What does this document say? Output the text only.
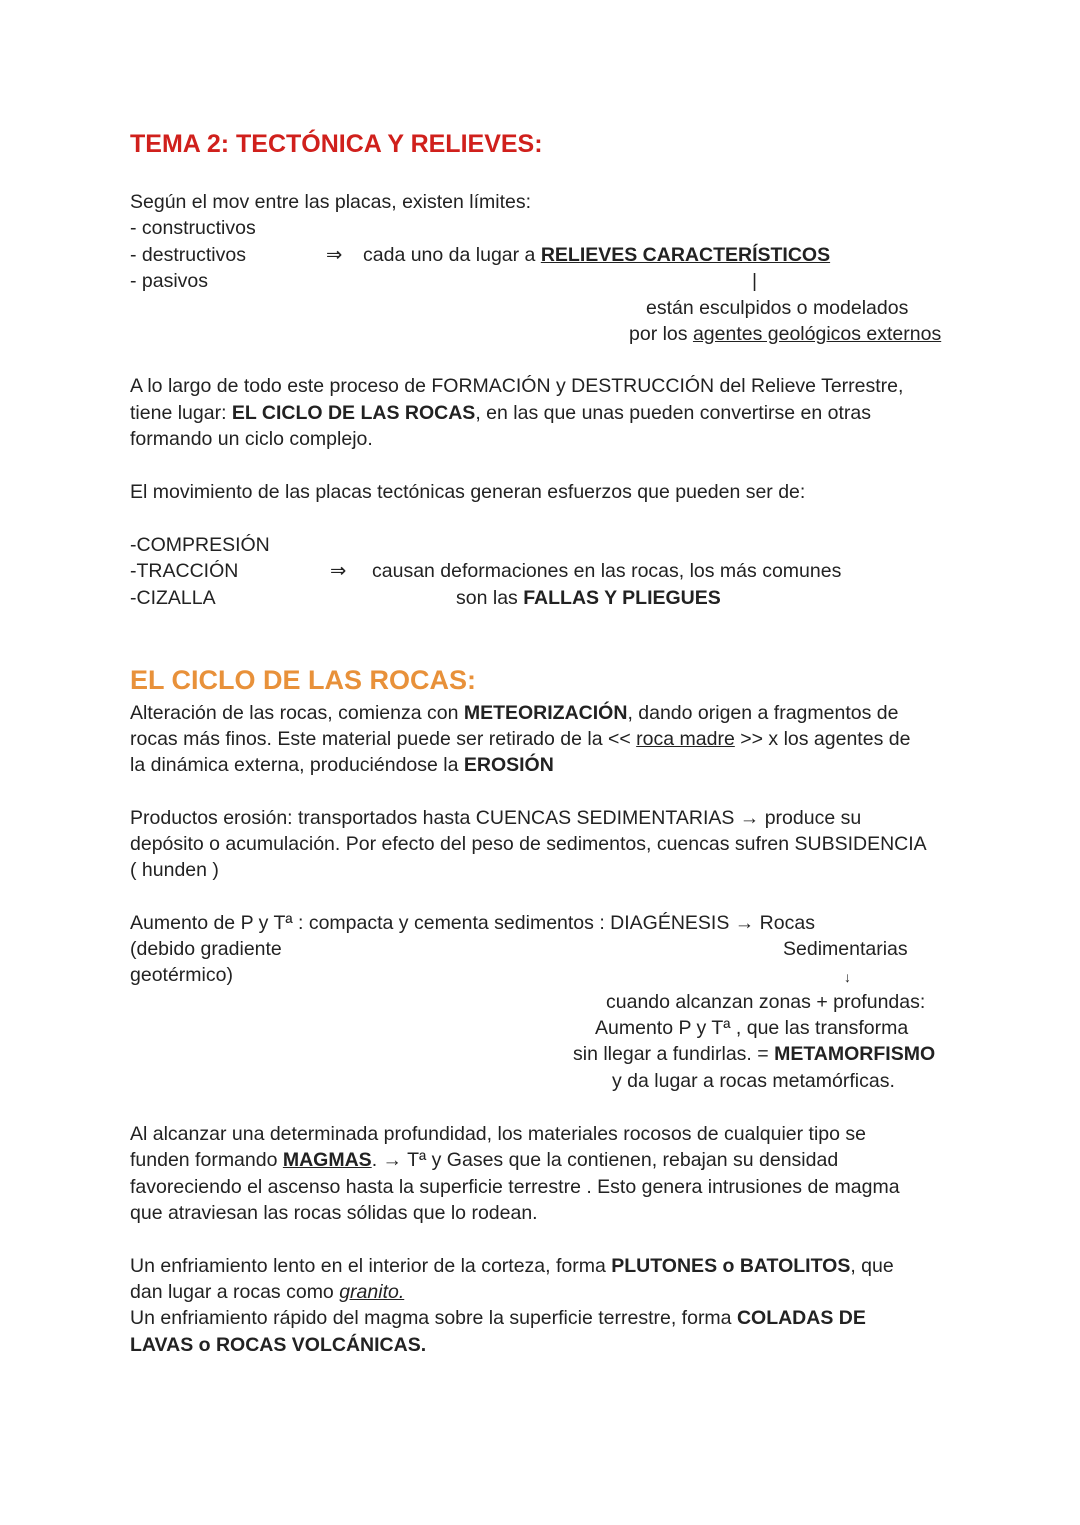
TEMA 2: TECTÓNICA Y RELIEVES:
Según el mov entre las placas, existen límites:
- constructivos
- destructivos
- pasivos
⇒ cada uno da lugar a RELIEVES CARACTERÍSTICOS
|
están esculpidos o modelados
por los agentes geológicos externos
A lo largo de todo este proceso de FORMACIÓN y DESTRUCCIÓN del Relieve Terrestre,
tiene lugar: EL CICLO DE LAS ROCAS, en las que unas pueden convertirse en otras
formando un ciclo complejo.
El movimiento de las placas tectónicas generan esfuerzos que pueden ser de:
-COMPRESIÓN
-TRACCIÓN
-CIZALLA
⇒ causan deformaciones en las rocas, los más comunes
son las FALLAS Y PLIEGUES
EL CICLO DE LAS ROCAS:
Alteración de las rocas, comienza con METEORIZACIÓN, dando origen a fragmentos de
rocas más finos. Este material puede ser retirado de la << roca madre >> x los agentes de
la dinámica externa, produciéndose la EROSIÓN
Productos erosión: transportados hasta CUENCAS SEDIMENTARIAS → produce su
depósito o acumulación. Por efecto del peso de sedimentos, cuencas sufren SUBSIDENCIA
( hunden )
Aumento de P y Tª : compacta y cementa sedimentos : DIAGÉNESIS → Rocas
(debido gradiente	Sedimentarias
geotérmico)	↓
cuando alcanzan zonas + profundas:
Aumento P y Tª , que las transforma
sin llegar a fundirlas. = METAMORFISMO
y da lugar a rocas metamórficas.
Al alcanzar una determinada profundidad, los materiales rocosos de cualquier tipo se
funden formando MAGMAS. → Tª y Gases que la contienen, rebajan su densidad
favoreciendo el ascenso hasta la superficie terrestre . Esto genera intrusiones de magma
que atraviesan las rocas sólidas que lo rodean.
Un enfriamiento lento en el interior de la corteza, forma PLUTONES o BATOLITOS, que
dan lugar a rocas como granito.
Un enfriamiento rápido del magma sobre la superficie terrestre, forma COLADAS DE
LAVAS o ROCAS VOLCÁNICAS.
